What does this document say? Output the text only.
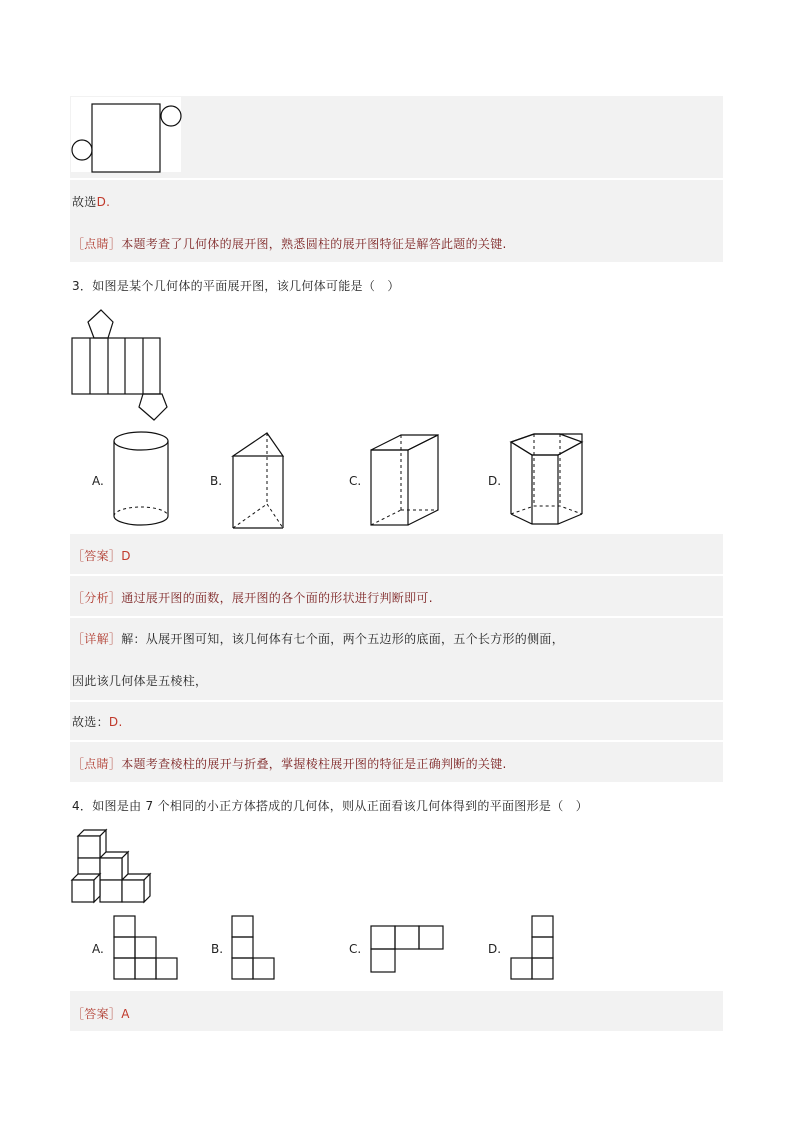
故选D.
［点睛］本题考查了几何体的展开图，熟悉圆柱的展开图特征是解答此题的关键.
3．如图是某个几何体的平面展开图，该几何体可能是（　）
A.	B.	C.	D.
［答案］D
［分析］通过展开图的面数，展开图的各个面的形状进行判断即可.
［详解］解：从展开图可知，该几何体有七个面，两个五边形的底面，五个长方形的侧面，
因此该几何体是五棱柱，
故选：D.
［点睛］本题考查棱柱的展开与折叠，掌握棱柱展开图的特征是正确判断的关键.
4．如图是由 7 个相同的小正方体搭成的几何体，则从正面看该几何体得到的平面图形是（　）
A.	B.	C.	D.
［答案］A
